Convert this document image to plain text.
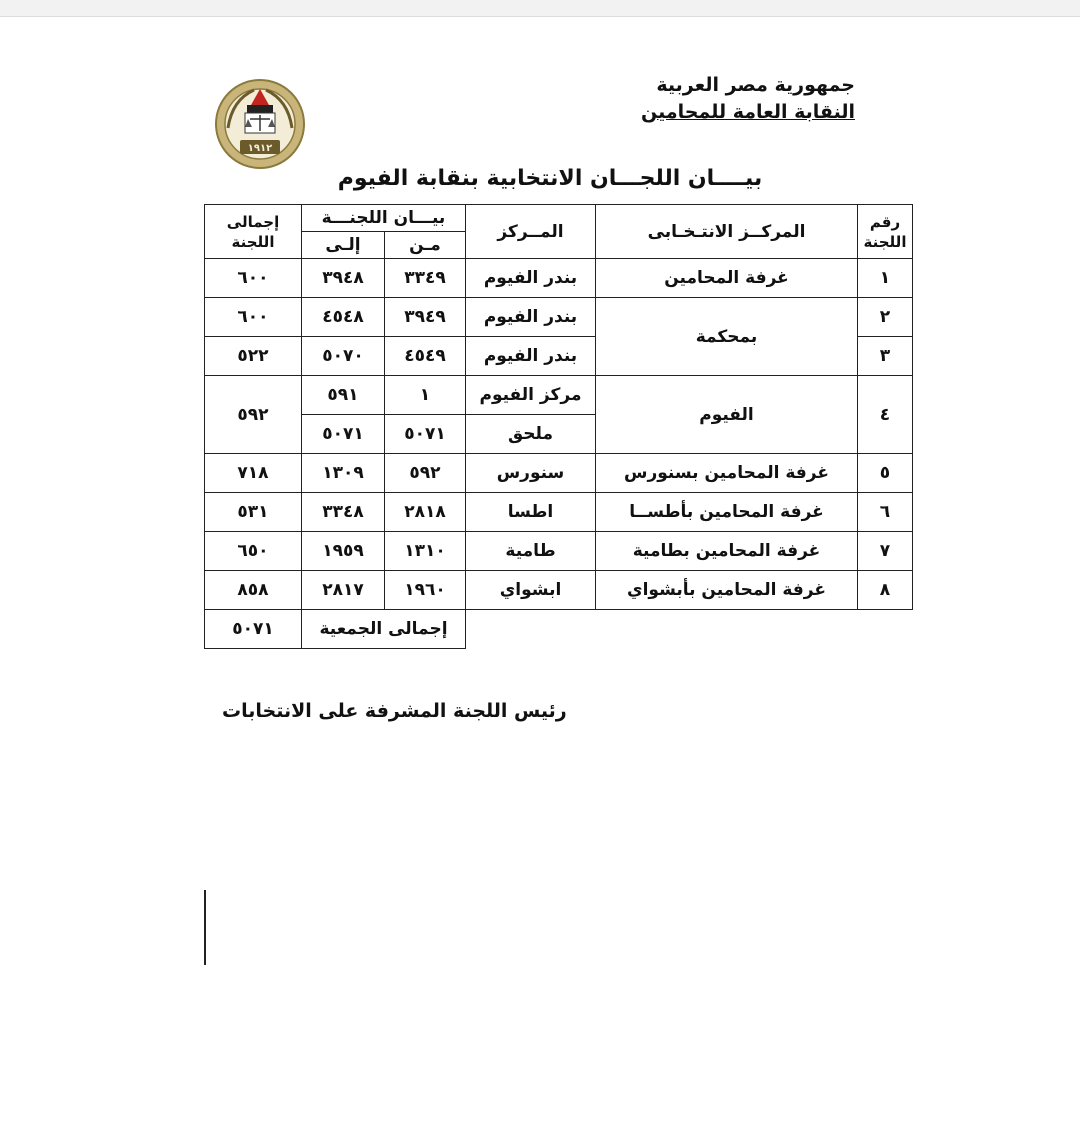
جمهورية مصر العربية
النقابة العامة للمحامين
١٩١٢
بيــــان اللجـــان الانتخابية بنقابة الفيوم
إجمالى اللجنة	بيـــان اللجنـــة		المــركز	المركــز الانتـخـابى	رقم اللجنة
	إلـى	مـن			
٦٠٠	٣٩٤٨	٣٣٤٩	بندر الفيوم	غرفة المحامين	١
٦٠٠	٤٥٤٨	٣٩٤٩	بندر الفيوم	بمحكمة	٢
٥٢٢	٥٠٧٠	٤٥٤٩	بندر الفيوم		٣
٥٩٢	٥٩١	١	مركز الفيوم	الفيوم	٤
	٥٠٧١	٥٠٧١	ملحق		
٧١٨	١٣٠٩	٥٩٢	سنورس	غرفة المحامين بسنورس	٥
٥٣١	٣٣٤٨	٢٨١٨	اطسا	غرفة المحامين بأطســا	٦
٦٥٠	١٩٥٩	١٣١٠	طامية	غرفة المحامين بطامية	٧
٨٥٨	٢٨١٧	١٩٦٠	ابشواي	غرفة المحامين بأبشواي	٨
٥٠٧١	إجمالى الجمعية				
رئيس اللجنة المشرفة على الانتخابات
